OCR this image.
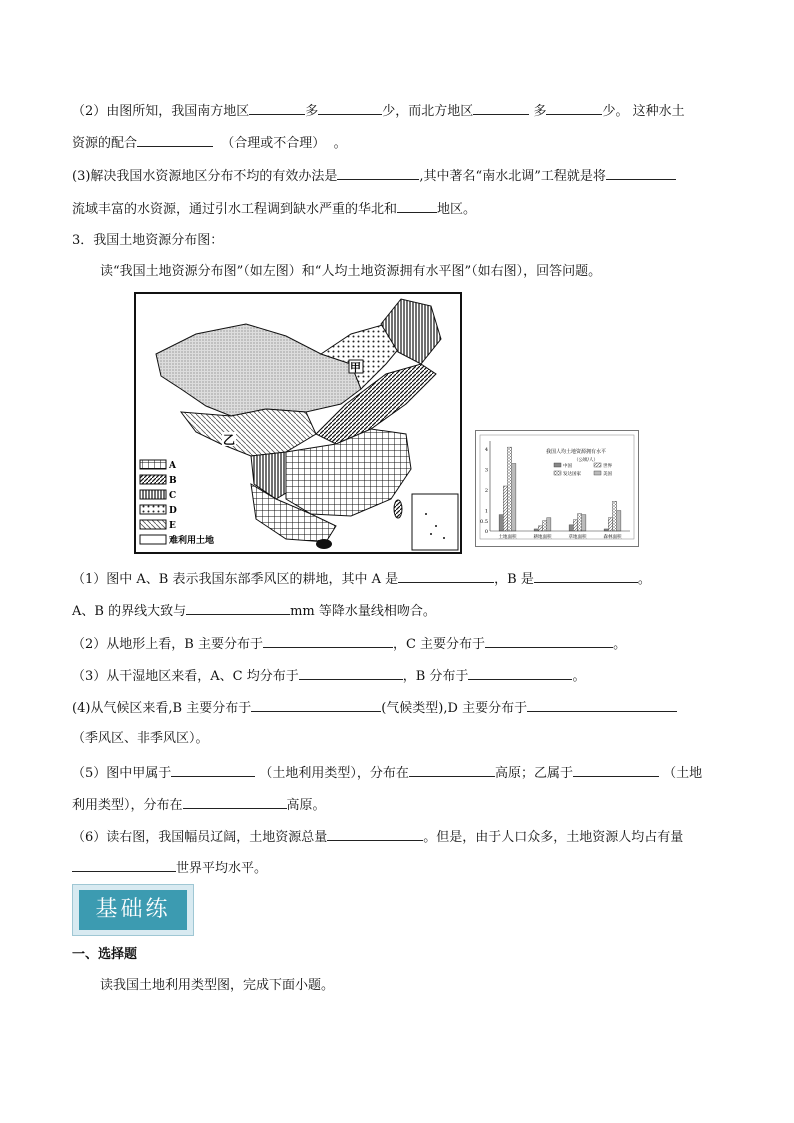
（2）由图所知，我国南方地区	多	少，而北方地区	多	少。 这种水土
资源的配合	（合理或不合理） 。
(3)解决我国水资源地区分布不均的有效办法是	,其中著名“南水北调”工程就是将
流域丰富的水资源，通过引水工程调到缺水严重的华北和	地区。
3．我国土地资源分布图：
读“我国土地资源分布图”（如左图）和“人均土地资源拥有水平图”（如右图），回答问题。
A
B
C
D
E
难利用土地
甲
乙
我国人均土地资源拥有水平
（公顷/人）
中国	世界
发达国家	美国
4
3
2
1
0.5
0
土地面积	耕地面积	草地面积	森林面积
（1）图中 A、B 表示我国东部季风区的耕地，其中 A 是	，B 是	。
A、B 的界线大致与	mm 等降水量线相吻合。
（2）从地形上看，B 主要分布于	，C 主要分布于	。
（3）从干湿地区来看，A、C 均分布于	，B 分布于	。
(4)从气候区来看,B 主要分布于	(气候类型),D 主要分布于
（季风区、非季风区）。
（5）图中甲属于	（土地利用类型），分布在	高原；乙属于	（土地
利用类型），分布在	高原。
（6）读右图，我国幅员辽阔，土地资源总量	。但是，由于人口众多，土地资源人均占有量
世界平均水平。
基础练
一、选择题
读我国土地利用类型图，完成下面小题。
